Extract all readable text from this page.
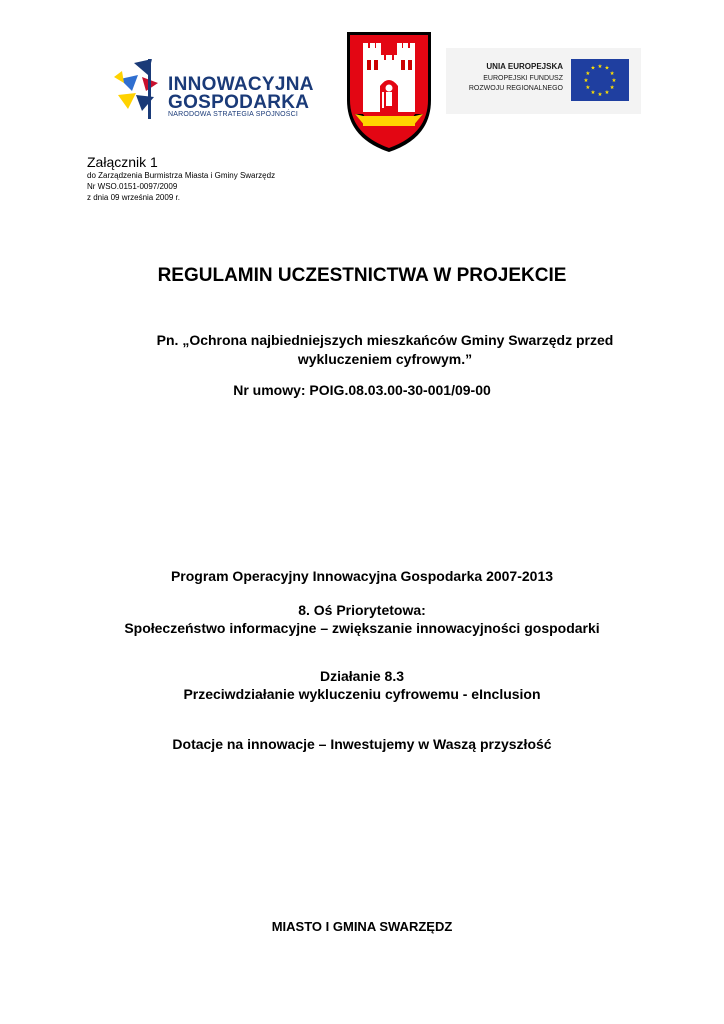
INNOWACYJNA
GOSPODARKA
NARODOWA STRATEGIA SPÓJNOŚCI
UNIA EUROPEJSKA
EUROPEJSKI FUNDUSZ
ROZWOJU REGIONALNEGO
★
★
★
★
★
★
★
★
★ ★ ★
★
Załącznik 1
do Zarządzenia Burmistrza Miasta i Gminy Swarzędz
Nr WSO.0151-0097/2009
z dnia 09 września 2009 r.
REGULAMIN UCZESTNICTWA W PROJEKCIE
Pn. „Ochrona najbiedniejszych mieszkańców Gminy Swarzędz przed wykluczeniem cyfrowym.”
Nr umowy: POIG.08.03.00-30-001/09-00
Program Operacyjny Innowacyjna Gospodarka 2007-2013
8. Oś Priorytetowa:
Społeczeństwo informacyjne – zwiększanie innowacyjności gospodarki
Działanie 8.3
Przeciwdziałanie wykluczeniu cyfrowemu - eInclusion
Dotacje na innowacje – Inwestujemy w Waszą przyszłość
MIASTO I GMINA SWARZĘDZ
